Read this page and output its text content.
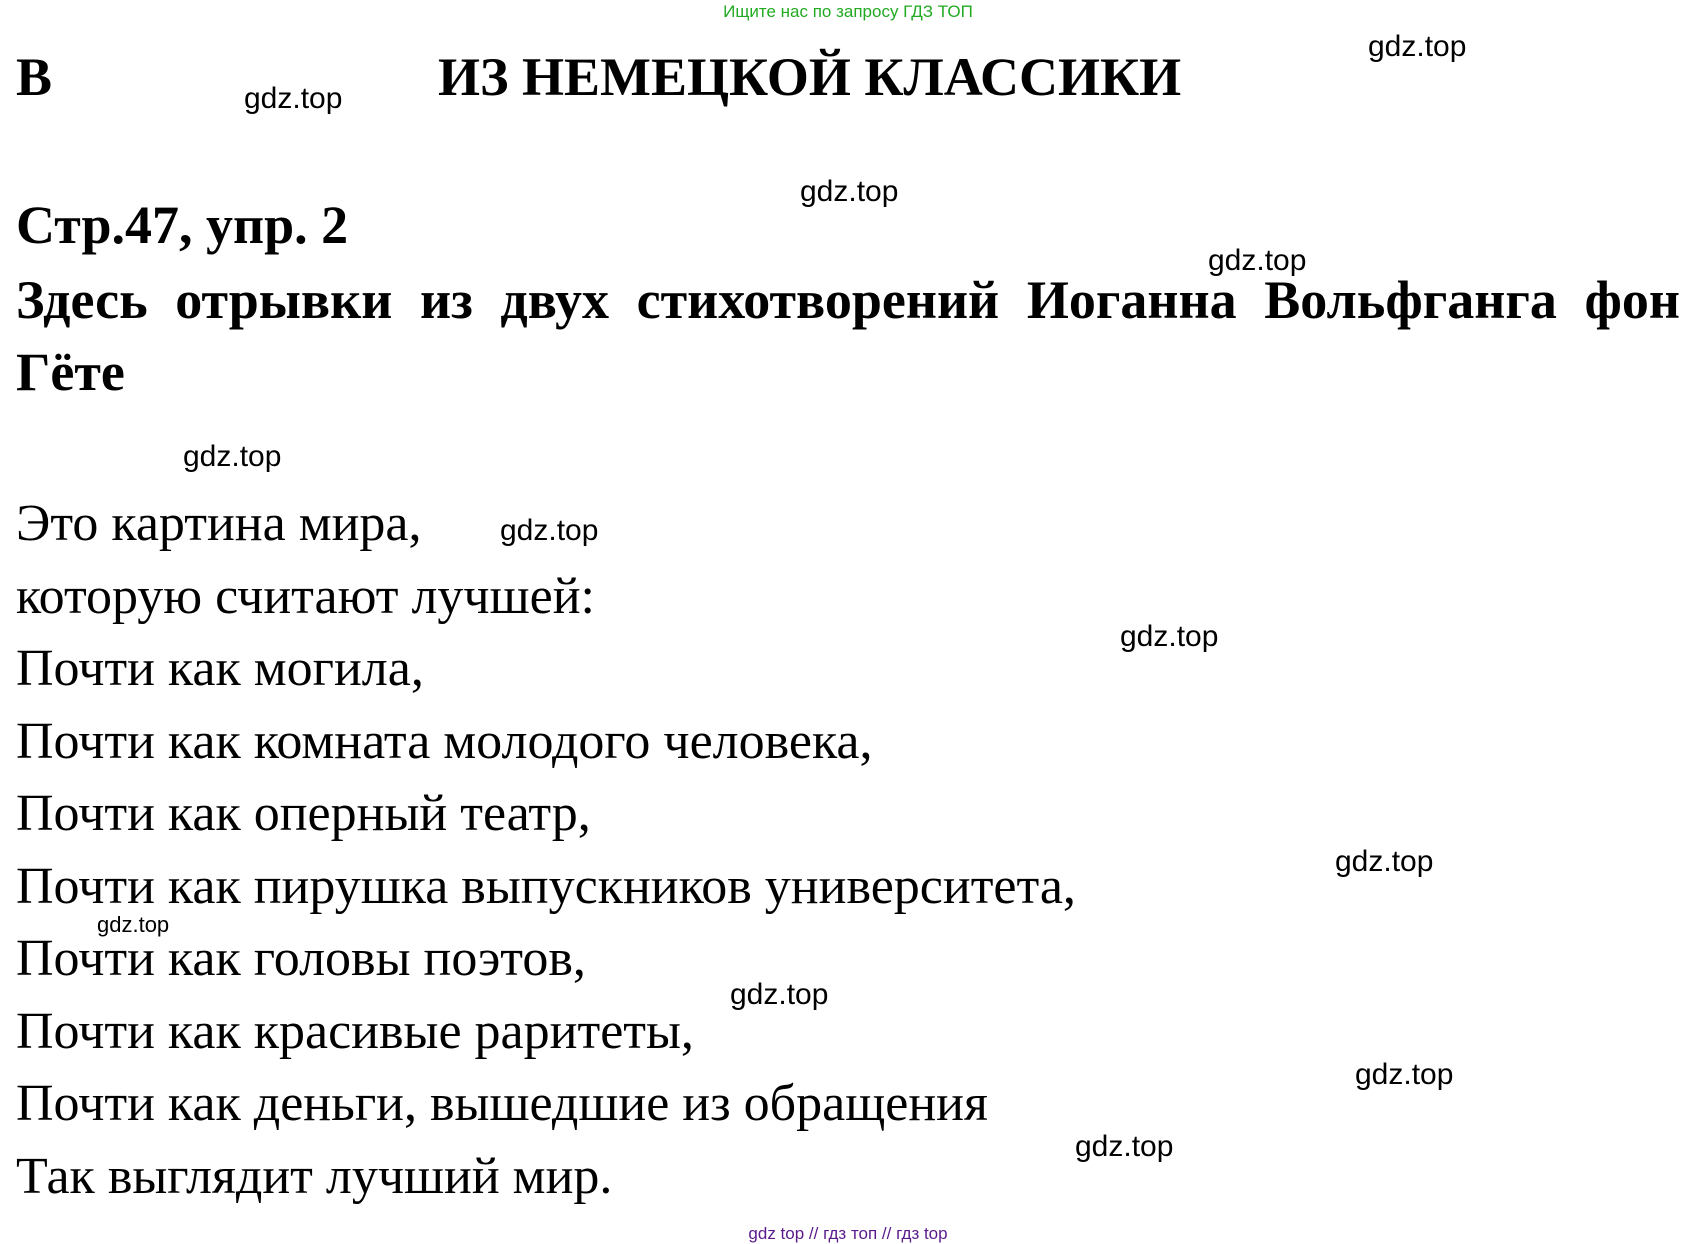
Ищите нас по запросу ГДЗ ТОП
В	ИЗ НЕМЕЦКОЙ КЛАССИКИ
Стр.47, упр. 2
Здесь отрывки из двух стихотворений Иоганна Вольфганга фон Гёте
Это картина мира,
которую считают лучшей:
Почти как могила,
Почти как комната молодого человека,
Почти как оперный театр,
Почти как пирушка выпускников университета,
Почти как головы поэтов,
Почти как красивые раритеты,
Почти как деньги, вышедшие из обращения
Так выглядит лучший мир.
gdz.top
gdz.top
gdz.top
gdz.top
gdz.top
gdz.top
gdz.top
gdz.top
gdz.top
gdz.top
gdz.top
gdz.top
gdz top // гдз топ // гдз top
